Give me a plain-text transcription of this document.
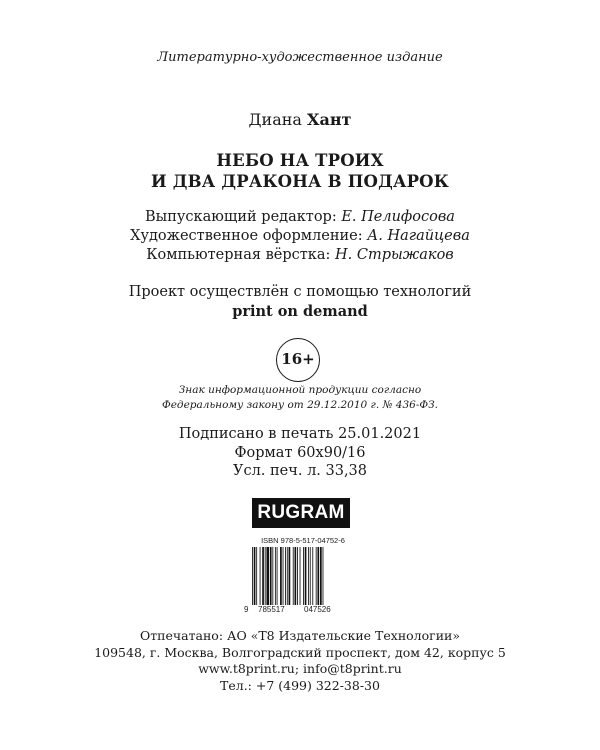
Литературно-художественное издание
Диана Хант
НЕБО НА ТРОИХ
И ДВА ДРАКОНА В ПОДАРОК
Выпускающий редактор: Е. Пелифосова
Художественное оформление: А. Нагайцева
Компьютерная вёрстка: Н. Стрыжаков
Проект осуществлён с помощью технологий
print on demand
16+
Знак информационной продукции согласно
Федеральному закону от 29.12.2010 г. № 436-ФЗ.
Подписано в печать 25.01.2021
Формат 60х90/16
Усл. печ. л. 33,38
RUGRAM
ISBN 978-5-517-04752-6
9 785517 047526
Отпечатано: АО «Т8 Издательские Технологии»
109548, г. Москва, Волгоградский проспект, дом 42, корпус 5
www.t8print.ru; info@t8print.ru
Тел.: +7 (499) 322-38-30
